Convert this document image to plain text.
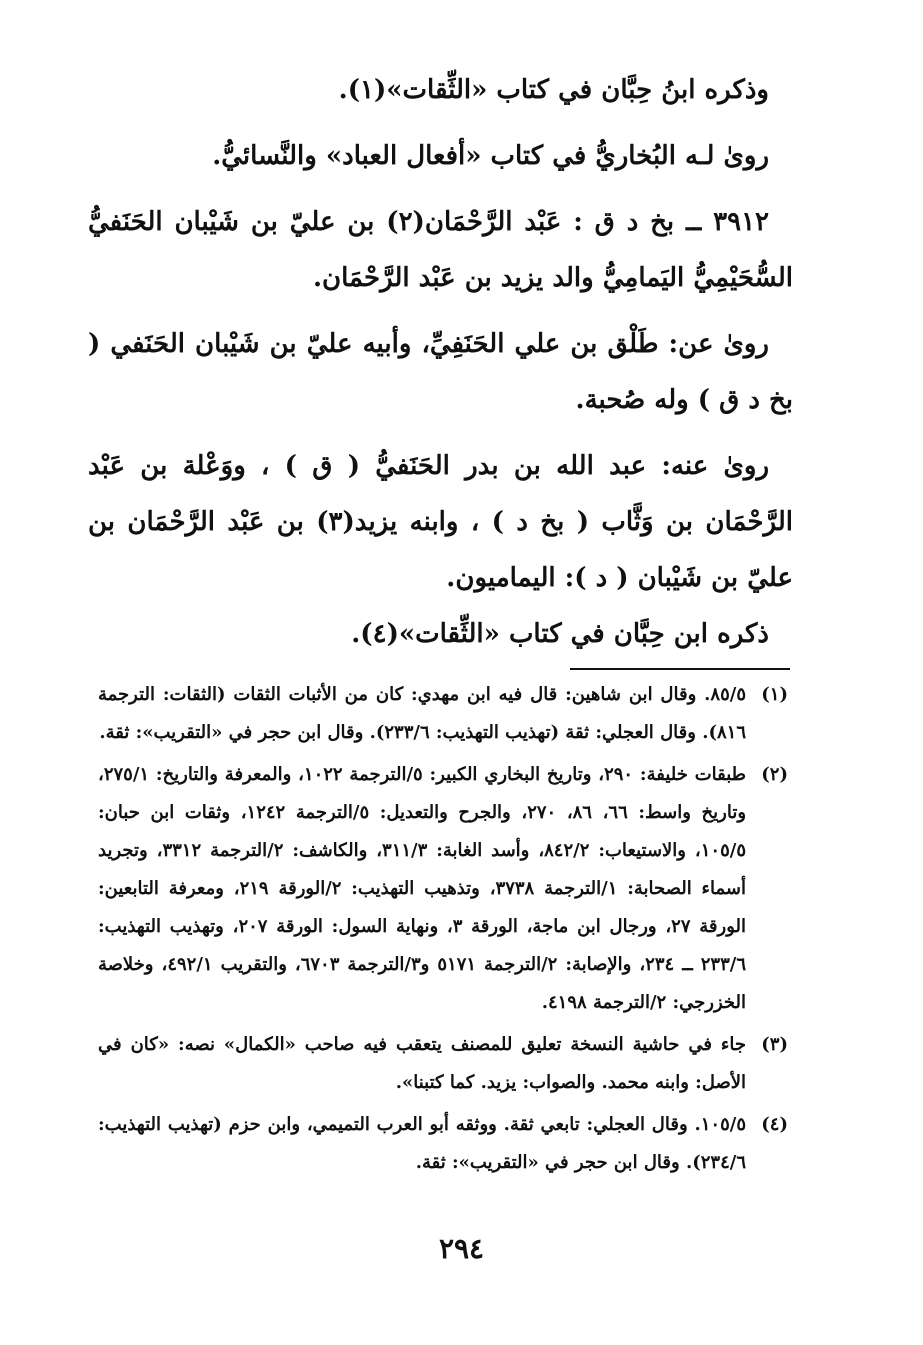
وذكره ابنُ حِبَّان في كتاب «الثِّقات»(١).

روىٰ لـه البُخاريُّ في كتاب «أفعال العباد» والنَّسائيُّ.

٣٩١٢ ــ بخ د ق : عَبْد الرَّحْمَان(٢) بن عليّ بن شَيْبان الحَنَفيُّ السُّحَيْمِيُّ اليَمامِيُّ والد يزيد بن عَبْد الرَّحْمَان.

روىٰ عن: طَلْق بن علي الحَنَفِيِّ، وأبيه عليّ بن شَيْبان الحَنَفي ( بخ د ق ) وله صُحبة.

روىٰ عنه: عبد الله بن بدر الحَنَفيُّ ( ق ) ، ووَعْلة بن عَبْد الرَّحْمَان بن وَثَّاب ( بخ د ) ، وابنه يزيد(٣) بن عَبْد الرَّحْمَان بن عليّ بن شَيْبان ( د ): اليماميون.

ذكره ابن حِبَّان في كتاب «الثِّقات»(٤).

(١)
٨٥/٥. وقال ابن شاهين: قال فيه ابن مهدي: كان من الأثبات الثقات (الثقات: الترجمة ٨١٦). وقال العجلي: ثقة (تهذيب التهذيب: ٢٣٣/٦). وقال ابن حجر في «التقريب»: ثقة.
(٢)
طبقات خليفة: ٢٩٠، وتاريخ البخاري الكبير: ٥/الترجمة ١٠٢٢، والمعرفة والتاريخ: ٢٧٥/١، وتاريخ واسط: ٦٦، ٨٦، ٢٧٠، والجرح والتعديل: ٥/الترجمة ١٢٤٢، وثقات ابن حبان: ١٠٥/٥، والاستيعاب: ٨٤٢/٢، وأسد الغابة: ٣١١/٣، والكاشف: ٢/الترجمة ٣٣١٢، وتجريد أسماء الصحابة: ١/الترجمة ٣٧٣٨، وتذهيب التهذيب: ٢/الورقة ٢١٩، ومعرفة التابعين: الورقة ٢٧، ورجال ابن ماجة، الورقة ٣، ونهاية السول: الورقة ٢٠٧، وتهذيب التهذيب: ٢٣٣/٦ ــ ٢٣٤، والإصابة: ٢/الترجمة ٥١٧١ و٣/الترجمة ٦٧٠٣، والتقريب ٤٩٢/١، وخلاصة الخزرجي: ٢/الترجمة ٤١٩٨.
(٣)
جاء في حاشية النسخة تعليق للمصنف يتعقب فيه صاحب «الكمال» نصه: «كان في الأصل: وابنه محمد. والصواب: يزيد. كما كتبنا».
(٤)
١٠٥/٥. وقال العجلي: تابعي ثقة. ووثقه أبو العرب التميمي، وابن حزم (تهذيب التهذيب: ٢٣٤/٦). وقال ابن حجر في «التقريب»: ثقة.
٢٩٤
